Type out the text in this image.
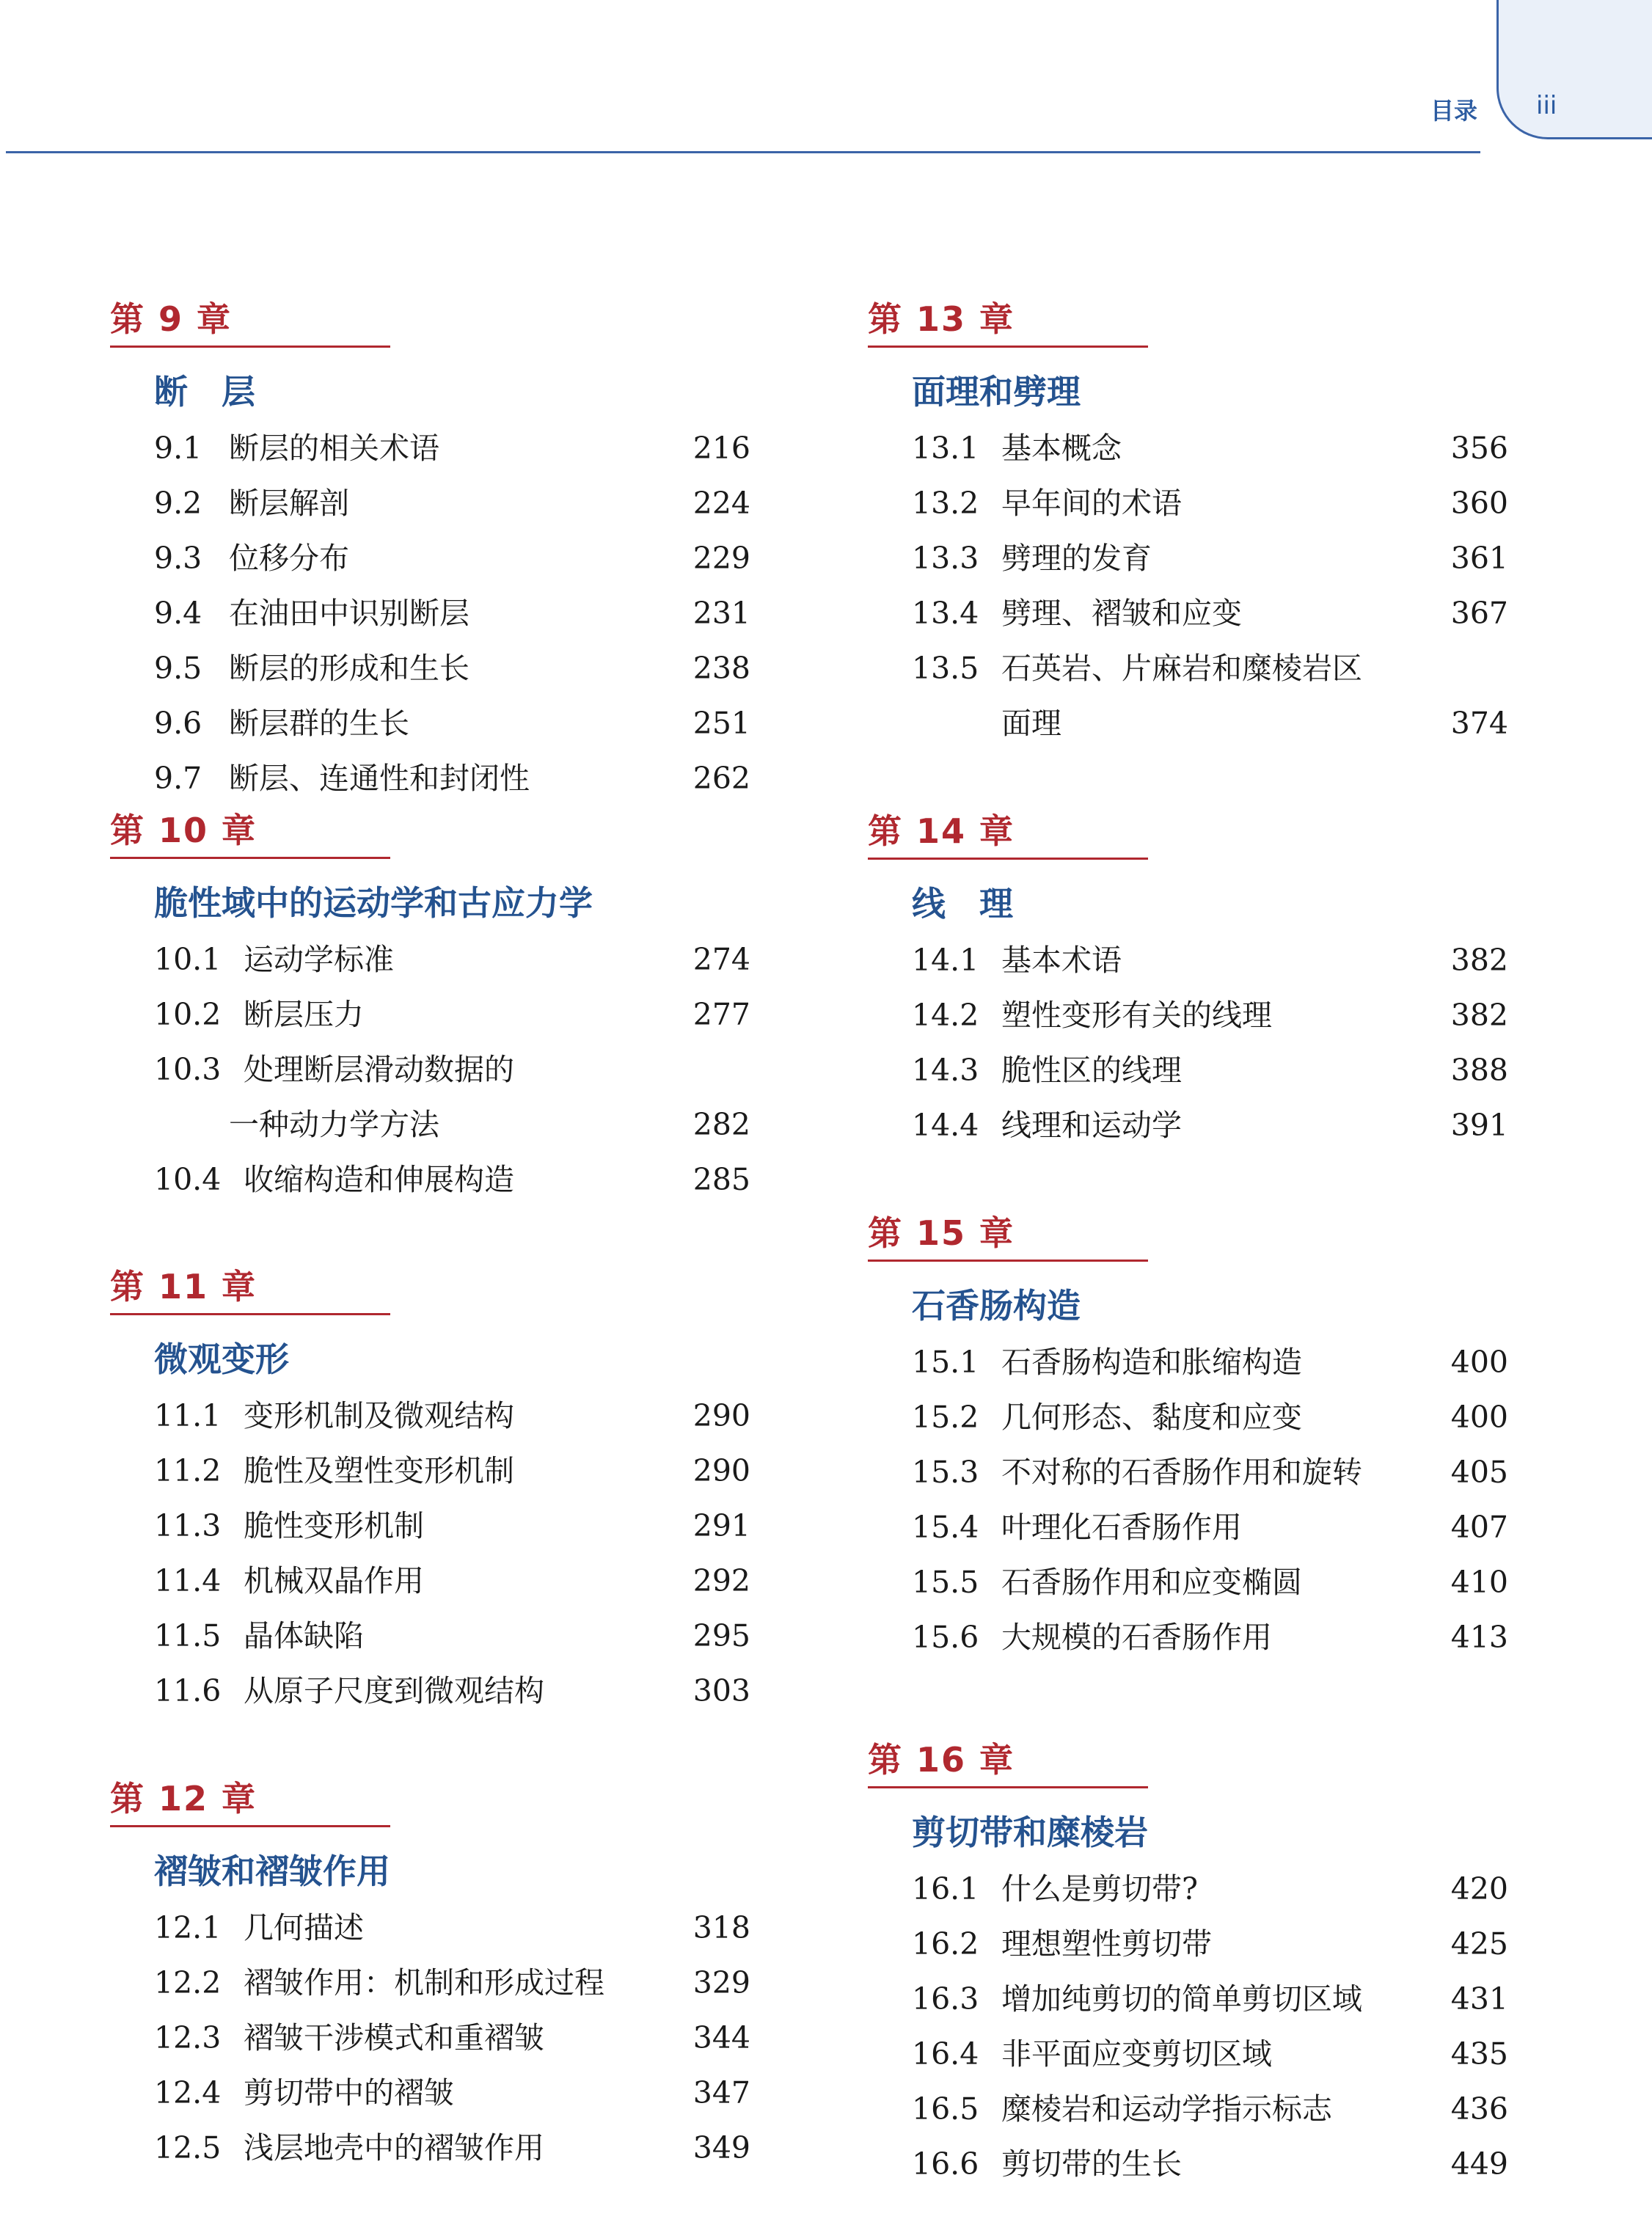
目录 iii
第 9 章
断　层
9.1 断层的相关术语	216
9.2 断层解剖	224
9.3 位移分布	229
9.4 在油田中识别断层	231
9.5 断层的形成和生长	238
9.6 断层群的生长	251
9.7 断层、连通性和封闭性	262
第 10 章
脆性域中的运动学和古应力学
10.1 运动学标准	274
10.2 断层压力	277
10.3 处理断层滑动数据的
一种动力学方法	282
10.4 收缩构造和伸展构造	285
第 11 章
微观变形
11.1 变形机制及微观结构	290
11.2 脆性及塑性变形机制	290
11.3 脆性变形机制	291
11.4 机械双晶作用	292
11.5 晶体缺陷	295
11.6 从原子尺度到微观结构	303
第 12 章
褶皱和褶皱作用
12.1 几何描述	318
12.2 褶皱作用：机制和形成过程	329
12.3 褶皱干涉模式和重褶皱	344
12.4 剪切带中的褶皱	347
12.5 浅层地壳中的褶皱作用	349
第 13 章
面理和劈理
13.1 基本概念	356
13.2 早年间的术语	360
13.3 劈理的发育	361
13.4 劈理、褶皱和应变	367
13.5 石英岩、片麻岩和糜棱岩区
面理	374
第 14 章
线　理
14.1 基本术语	382
14.2 塑性变形有关的线理	382
14.3 脆性区的线理	388
14.4 线理和运动学	391
第 15 章
石香肠构造
15.1 石香肠构造和胀缩构造	400
15.2 几何形态、黏度和应变	400
15.3 不对称的石香肠作用和旋转	405
15.4 叶理化石香肠作用	407
15.5 石香肠作用和应变椭圆	410
15.6 大规模的石香肠作用	413
第 16 章
剪切带和糜棱岩
16.1 什么是剪切带?	420
16.2 理想塑性剪切带	425
16.3 增加纯剪切的简单剪切区域	431
16.4 非平面应变剪切区域	435
16.5 糜棱岩和运动学指示标志	436
16.6 剪切带的生长	449
